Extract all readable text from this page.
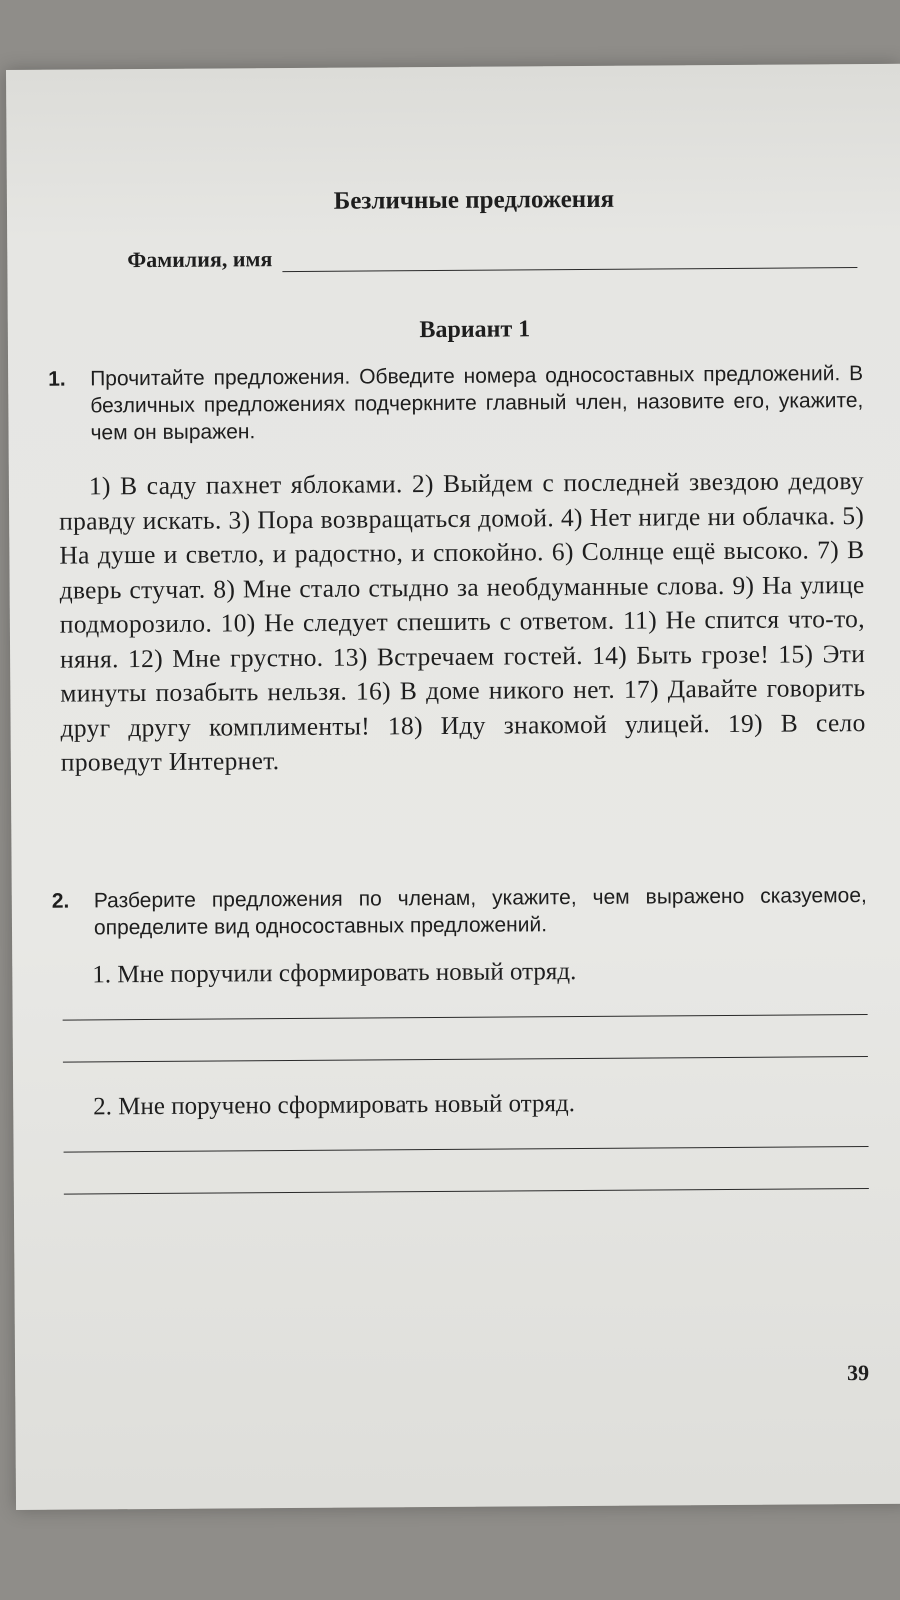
Безличные предложения
Фамилия, имя
Вариант 1
1. Прочитайте предложения. Обведите номера односоставных предложений. В безличных предложениях подчеркните главный член, назовите его, укажите, чем он выражен.
1) В саду пахнет яблоками. 2) Выйдем с последней звездою дедову правду искать. 3) Пора возвращаться домой. 4) Нет нигде ни облачка. 5) На душе и светло, и радостно, и спокойно. 6) Солнце ещё высоко. 7) В дверь стучат. 8) Мне стало стыдно за необдуманные слова. 9) На улице подморозило. 10) Не следует спешить с ответом. 11) Не спится что-то, няня. 12) Мне грустно. 13) Встречаем гостей. 14) Быть грозе! 15) Эти минуты позабыть нельзя. 16) В доме никого нет. 17) Давайте говорить друг другу комплименты! 18) Иду знакомой улицей. 19) В село проведут Интернет.
2. Разберите предложения по членам, укажите, чем выражено сказуемое, определите вид односоставных предложений.
1. Мне поручили сформировать новый отряд.
2. Мне поручено сформировать новый отряд.
39
